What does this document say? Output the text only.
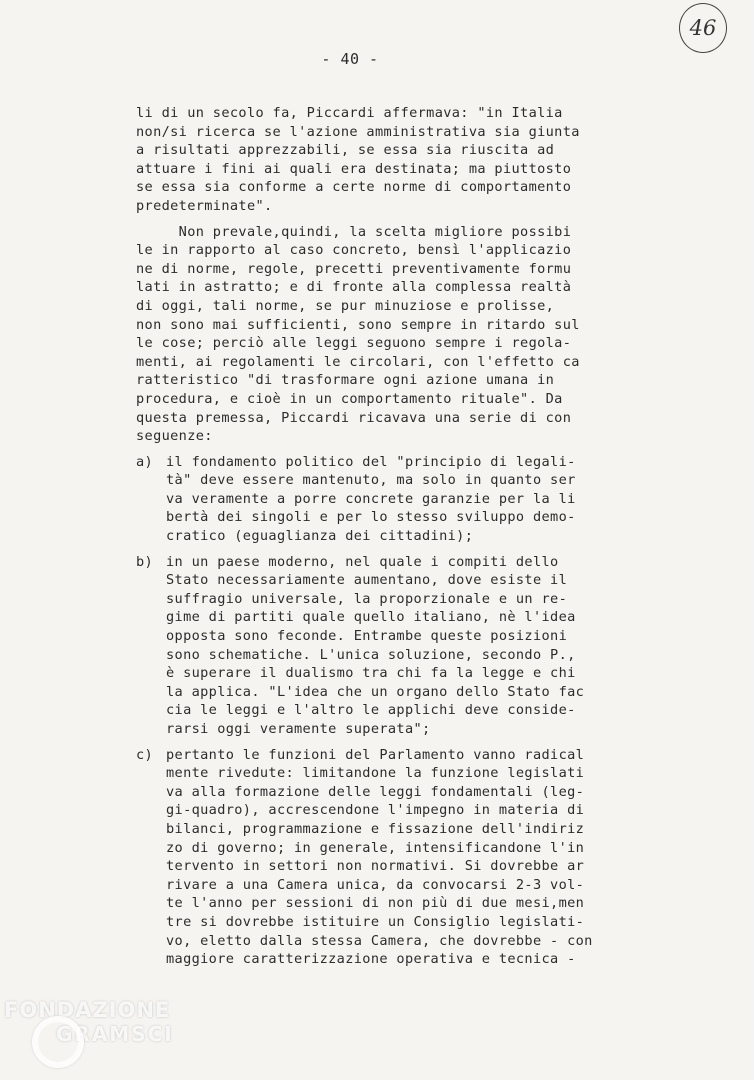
46
- 40 -
li di un secolo fa, Piccardi affermava: "in Italia
non/si ricerca se l'azione amministrativa sia giunta
a risultati apprezzabili, se essa sia riuscita ad
attuare i fini ai quali era destinata; ma piuttosto
se essa sia conforme a certe norme di comportamento
predeterminate".
Non prevale,quindi, la scelta migliore possibi
le in rapporto al caso concreto, bensì l'applicazio
ne di norme, regole, precetti preventivamente formu
lati in astratto; e di fronte alla complessa realtà
di oggi, tali norme, se pur minuziose e prolisse,
non sono mai sufficienti, sono sempre in ritardo sul
le cose; perciò alle leggi seguono sempre i regola-
menti, ai regolamenti le circolari, con l'effetto ca
ratteristico "di trasformare ogni azione umana in
procedura, e cioè in un comportamento rituale". Da
questa premessa, Piccardi ricavava una serie di con
seguenze:
a) il fondamento politico del "principio di legali-
tà" deve essere mantenuto, ma solo in quanto ser
va veramente a porre concrete garanzie per la li
bertà dei singoli e per lo stesso sviluppo demo-
cratico (eguaglianza dei cittadini);
b) in un paese moderno, nel quale i compiti dello
Stato necessariamente aumentano, dove esiste il
suffragio universale, la proporzionale e un re-
gime di partiti quale quello italiano, nè l'idea
opposta sono feconde. Entrambe queste posizioni
sono schematiche. L'unica soluzione, secondo P.,
è superare il dualismo tra chi fa la legge e chi
la applica. "L'idea che un organo dello Stato fac
cia le leggi e l'altro le applichi deve conside-
rarsi oggi veramente superata";
c) pertanto le funzioni del Parlamento vanno radical
mente rivedute: limitandone la funzione legislati
va alla formazione delle leggi fondamentali (leg-
gi-quadro), accrescendone l'impegno in materia di
bilanci, programmazione e fissazione dell'indiriz
zo di governo; in generale, intensificandone l'in
tervento in settori non normativi. Si dovrebbe ar
rivare a una Camera unica, da convocarsi 2-3 vol-
te l'anno per sessioni di non più di due mesi,men
tre si dovrebbe istituire un Consiglio legislati-
vo, eletto dalla stessa Camera, che dovrebbe - con
maggiore caratterizzazione operativa e tecnica -
FONDAZIONE
GRAMSCI
